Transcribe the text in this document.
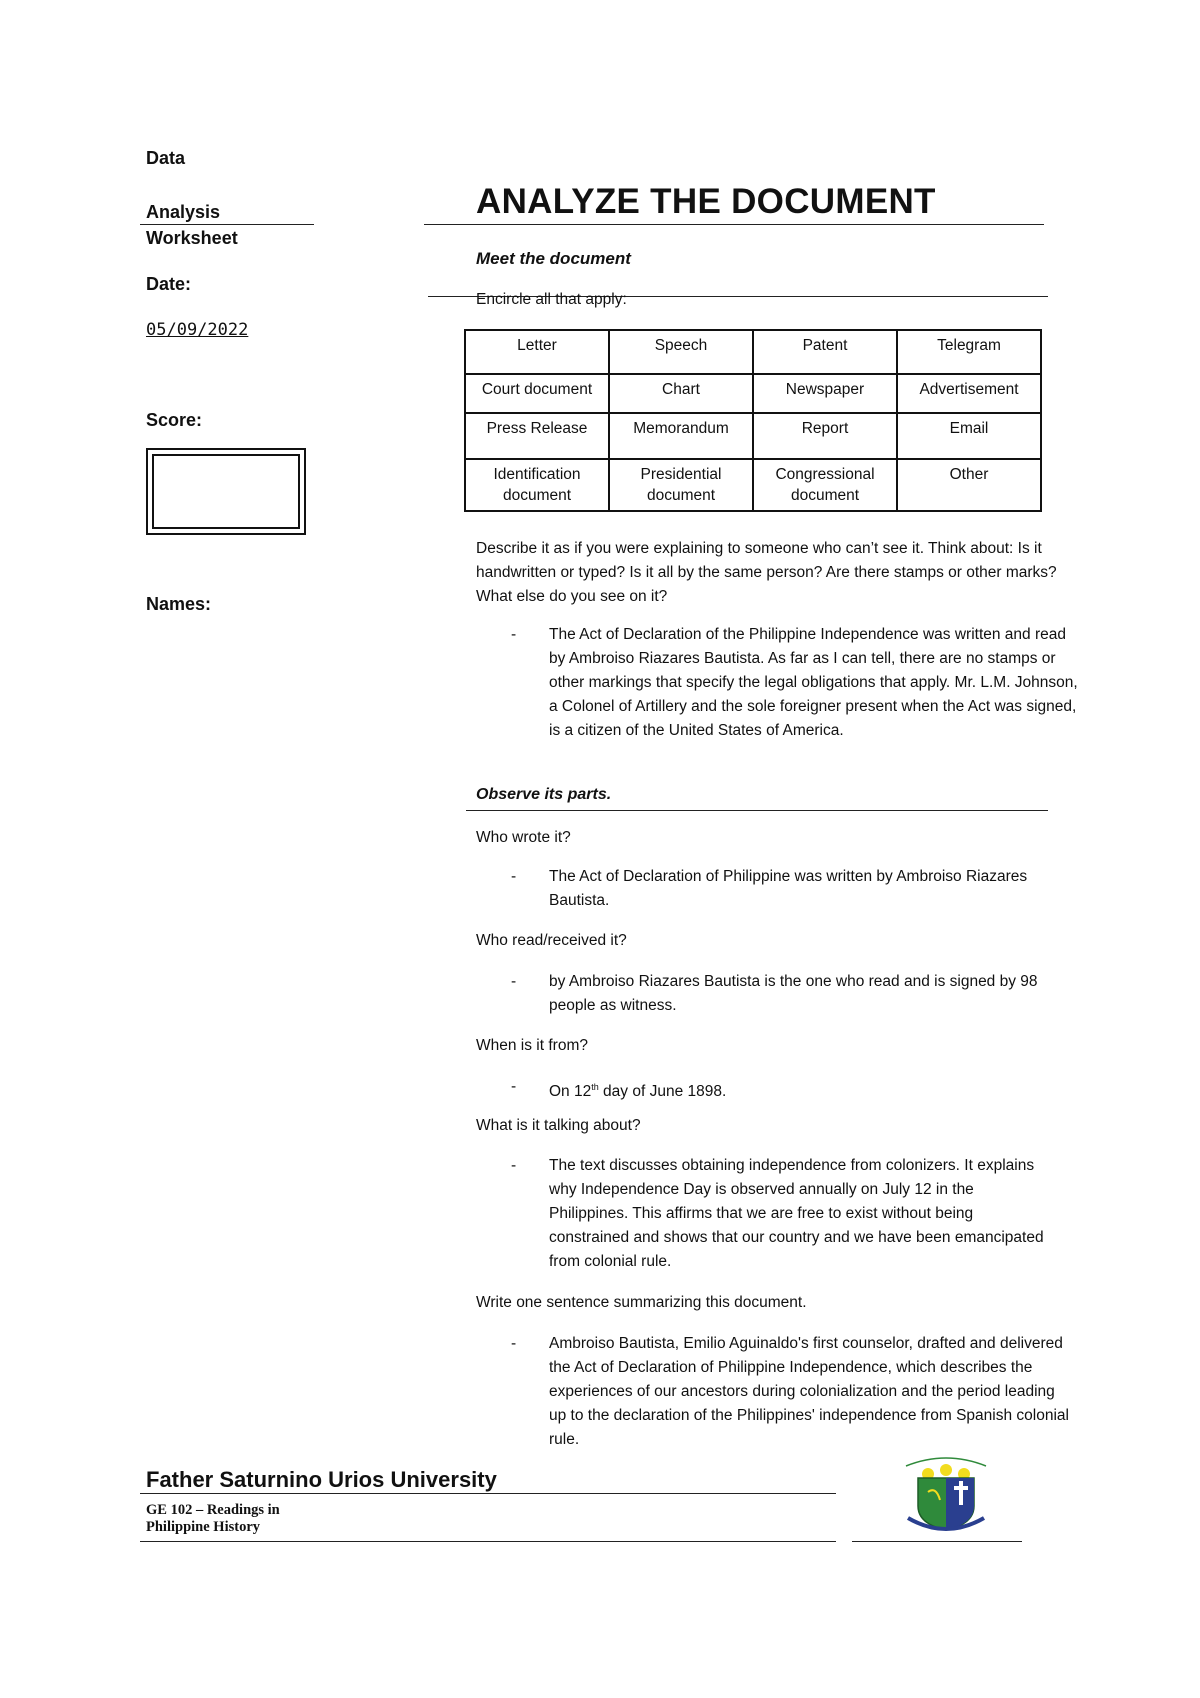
Data
Analysis
Worksheet
Date:
05/09/2022
Score:
Names:
ANALYZE THE DOCUMENT
Meet the document
Encircle all that apply:
Letter	Speech	Patent	Telegram
Court document	Chart	Newspaper	Advertisement
Press Release	Memorandum	Report	Email
Identification document	Presidential document	Congressional document	Other
Describe it as if you were explaining to someone who can’t see it. Think about: Is it handwritten or typed? Is it all by the same person? Are there stamps or other marks? What else do you see on it?
- The Act of Declaration of the Philippine Independence was written and read by Ambroiso Riazares Bautista. As far as I can tell, there are no stamps or other markings that specify the legal obligations that apply. Mr. L.M. Johnson, a Colonel of Artillery and the sole foreigner present when the Act was signed, is a citizen of the United States of America.
Observe its parts.
Who wrote it?
- The Act of Declaration of Philippine was written by Ambroiso Riazares Bautista.
Who read/received it?
- by Ambroiso Riazares Bautista is the one who read and is signed by 98 people as witness.
When is it from?
- On 12th day of June 1898.
What is it talking about?
- The text discusses obtaining independence from colonizers. It explains why Independence Day is observed annually on July 12 in the Philippines. This affirms that we are free to exist without being constrained and shows that our country and we have been emancipated from colonial rule.
Write one sentence summarizing this document.
- Ambroiso Bautista, Emilio Aguinaldo's first counselor, drafted and delivered the Act of Declaration of Philippine Independence, which describes the experiences of our ancestors during colonialization and the period leading up to the declaration of the Philippines' independence from Spanish colonial rule.
Father Saturnino Urios University
GE 102 – Readings in
Philippine History
